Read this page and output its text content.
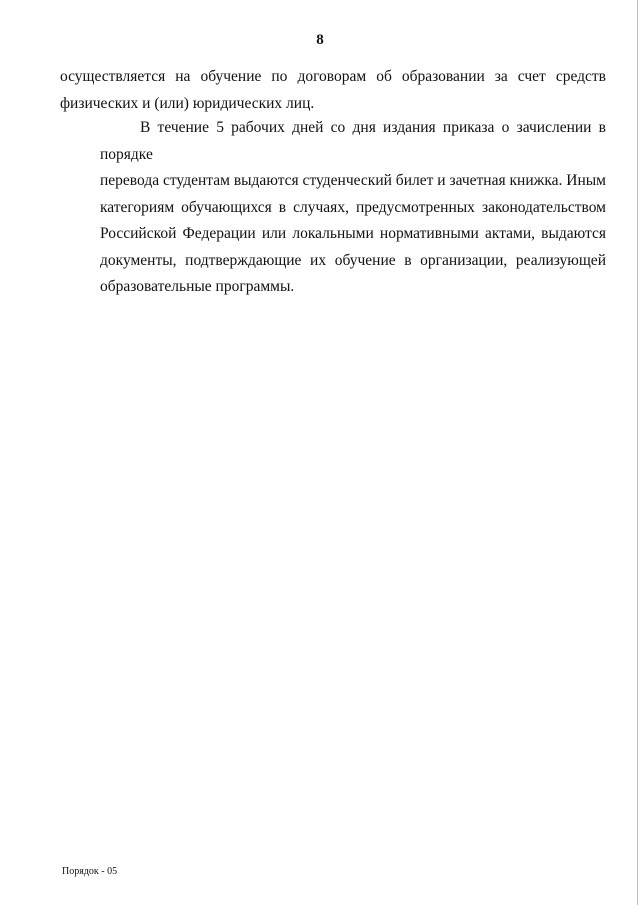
8
осуществляется на обучение по договорам об образовании за счет средств
физических и (или) юридических лиц.
В течение 5 рабочих дней со дня издания приказа о зачислении в порядке
перевода студентам выдаются студенческий билет и зачетная книжка. Иным
категориям обучающихся в случаях, предусмотренных законодательством
Российской Федерации или локальными нормативными актами, выдаются
документы, подтверждающие их обучение в организации, реализующей
образовательные программы.
Порядок - 05
